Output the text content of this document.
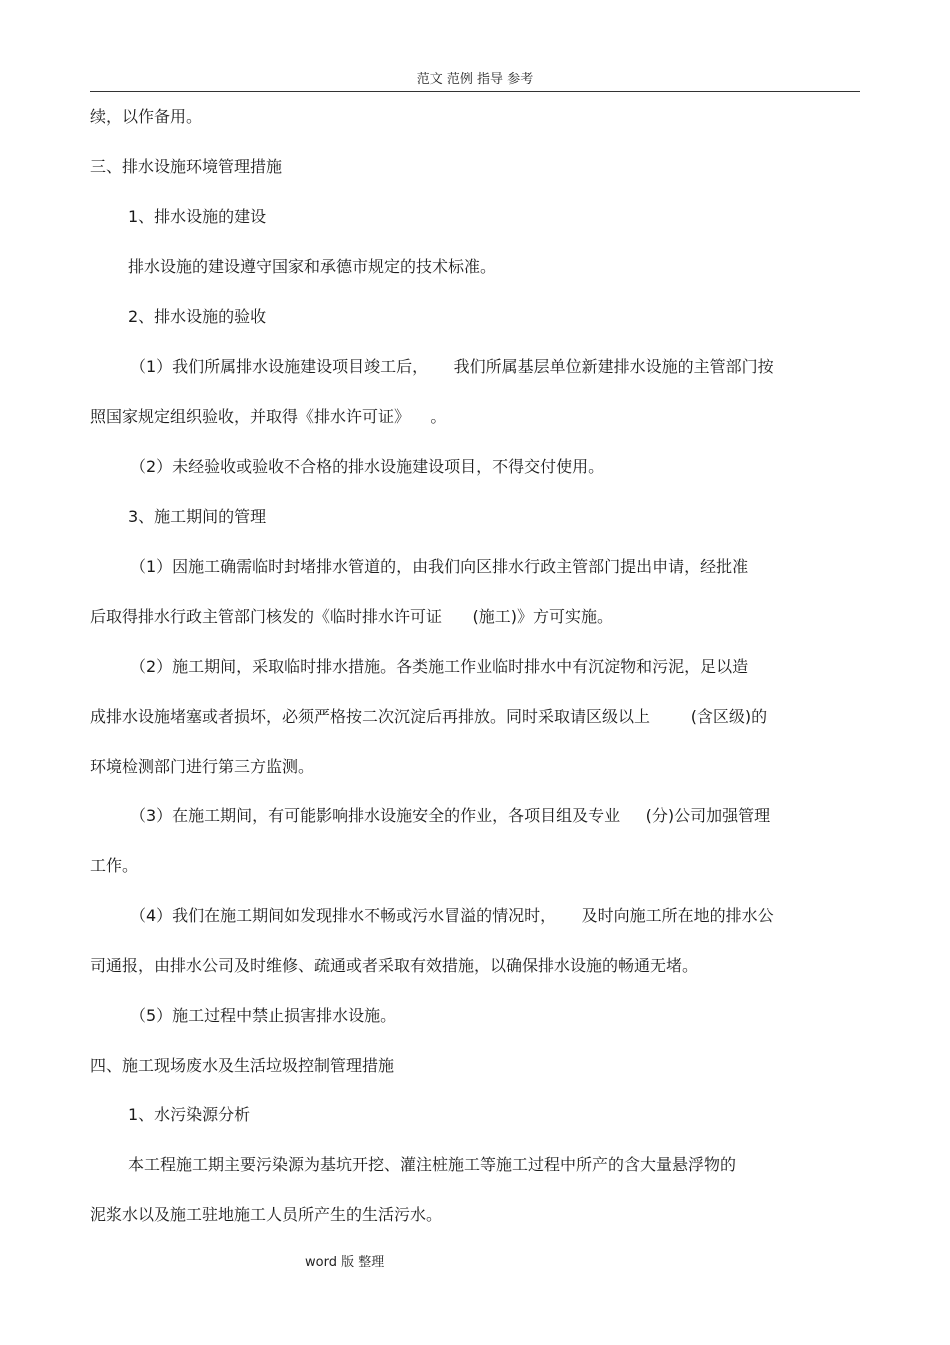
范文 范例 指导 参考
续，以作备用。
三、排水设施环境管理措施
1、排水设施的建设
排水设施的建设遵守国家和承德市规定的技术标准。
2、排水设施的验收
（1）我们所属排水设施建设项目竣工后，     我们所属基层单位新建排水设施的主管部门按
照国家规定组织验收，并取得《排水许可证》    。
（2）未经验收或验收不合格的排水设施建设项目，不得交付使用。
3、施工期间的管理
（1）因施工确需临时封堵排水管道的，由我们向区排水行政主管部门提出申请，经批准
后取得排水行政主管部门核发的《临时排水许可证      (施工)》方可实施。
（2）施工期间，采取临时排水措施。各类施工作业临时排水中有沉淀物和污泥，足以造
成排水设施堵塞或者损坏，必须严格按二次沉淀后再排放。同时采取请区级以上        (含区级)的
环境检测部门进行第三方监测。
（3）在施工期间，有可能影响排水设施安全的作业，各项目组及专业     (分)公司加强管理
工作。
（4）我们在施工期间如发现排水不畅或污水冒溢的情况时，     及时向施工所在地的排水公
司通报，由排水公司及时维修、疏通或者采取有效措施，以确保排水设施的畅通无堵。
（5）施工过程中禁止损害排水设施。
四、施工现场废水及生活垃圾控制管理措施
1、水污染源分析
本工程施工期主要污染源为基坑开挖、灌注桩施工等施工过程中所产的含大量悬浮物的
泥浆水以及施工驻地施工人员所产生的生活污水。
word 版 整理
